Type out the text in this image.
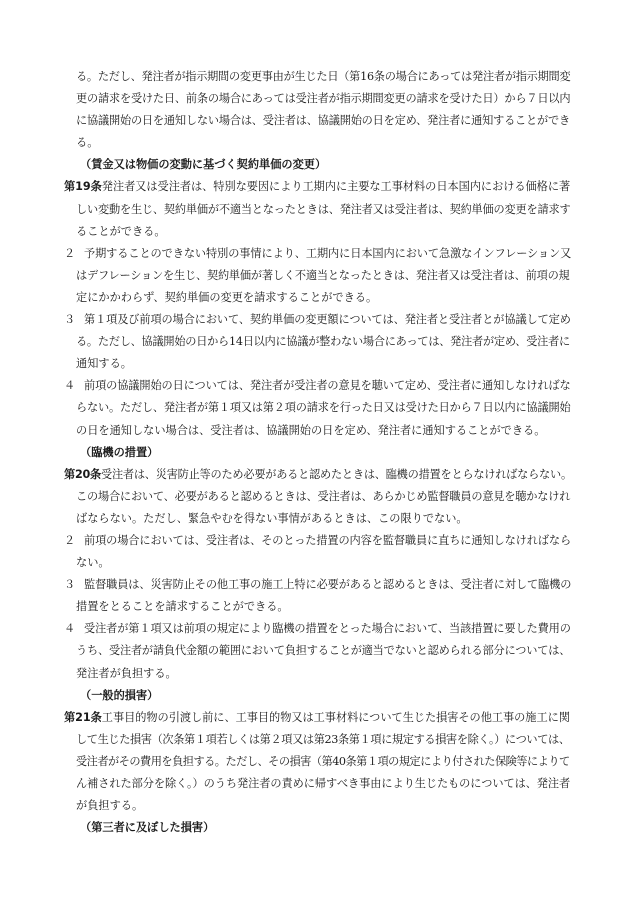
る。ただし、発注者が指示期間の変更事由が生じた日（第16条の場合にあっては発注者が指示期間変
更の請求を受けた日、前条の場合にあっては受注者が指示期間変更の請求を受けた日）から７日以内
に協議開始の日を通知しない場合は、受注者は、協議開始の日を定め、発注者に通知することができ
る。
（賃金又は物価の変動に基づく契約単価の変更）
第19条発注者又は受注者は、特別な要因により工期内に主要な工事材料の日本国内における価格に著
しい変動を生じ、契約単価が不適当となったときは、発注者又は受注者は、契約単価の変更を請求す
ることができる。
２ 予期することのできない特別の事情により、工期内に日本国内において急激なインフレーション又
はデフレーションを生じ、契約単価が著しく不適当となったときは、発注者又は受注者は、前項の規
定にかかわらず、契約単価の変更を請求することができる。
３ 第１項及び前項の場合において、契約単価の変更額については、発注者と受注者とが協議して定め
る。ただし、協議開始の日から14日以内に協議が整わない場合にあっては、発注者が定め、受注者に
通知する。
４ 前項の協議開始の日については、発注者が受注者の意見を聴いて定め、受注者に通知しなければな
らない。ただし、発注者が第１項又は第２項の請求を行った日又は受けた日から７日以内に協議開始
の日を通知しない場合は、受注者は、協議開始の日を定め、発注者に通知することができる。
（臨機の措置）
第20条受注者は、災害防止等のため必要があると認めたときは、臨機の措置をとらなければならない。
この場合において、必要があると認めるときは、受注者は、あらかじめ監督職員の意見を聴かなけれ
ばならない。ただし、緊急やむを得ない事情があるときは、この限りでない。
２ 前項の場合においては、受注者は、そのとった措置の内容を監督職員に直ちに通知しなければなら
ない。
３ 監督職員は、災害防止その他工事の施工上特に必要があると認めるときは、受注者に対して臨機の
措置をとることを請求することができる。
４ 受注者が第１項又は前項の規定により臨機の措置をとった場合において、当該措置に要した費用の
うち、受注者が請負代金額の範囲において負担することが適当でないと認められる部分については、
発注者が負担する。
（一般的損害）
第21条工事目的物の引渡し前に、工事目的物又は工事材料について生じた損害その他工事の施工に関
して生じた損害（次条第１項若しくは第２項又は第23条第１項に規定する損害を除く。）については、
受注者がその費用を負担する。ただし、その損害（第40条第１項の規定により付された保険等によりて
ん補された部分を除く。）のうち発注者の責めに帰すべき事由により生じたものについては、発注者
が負担する。
（第三者に及ぼした損害）
